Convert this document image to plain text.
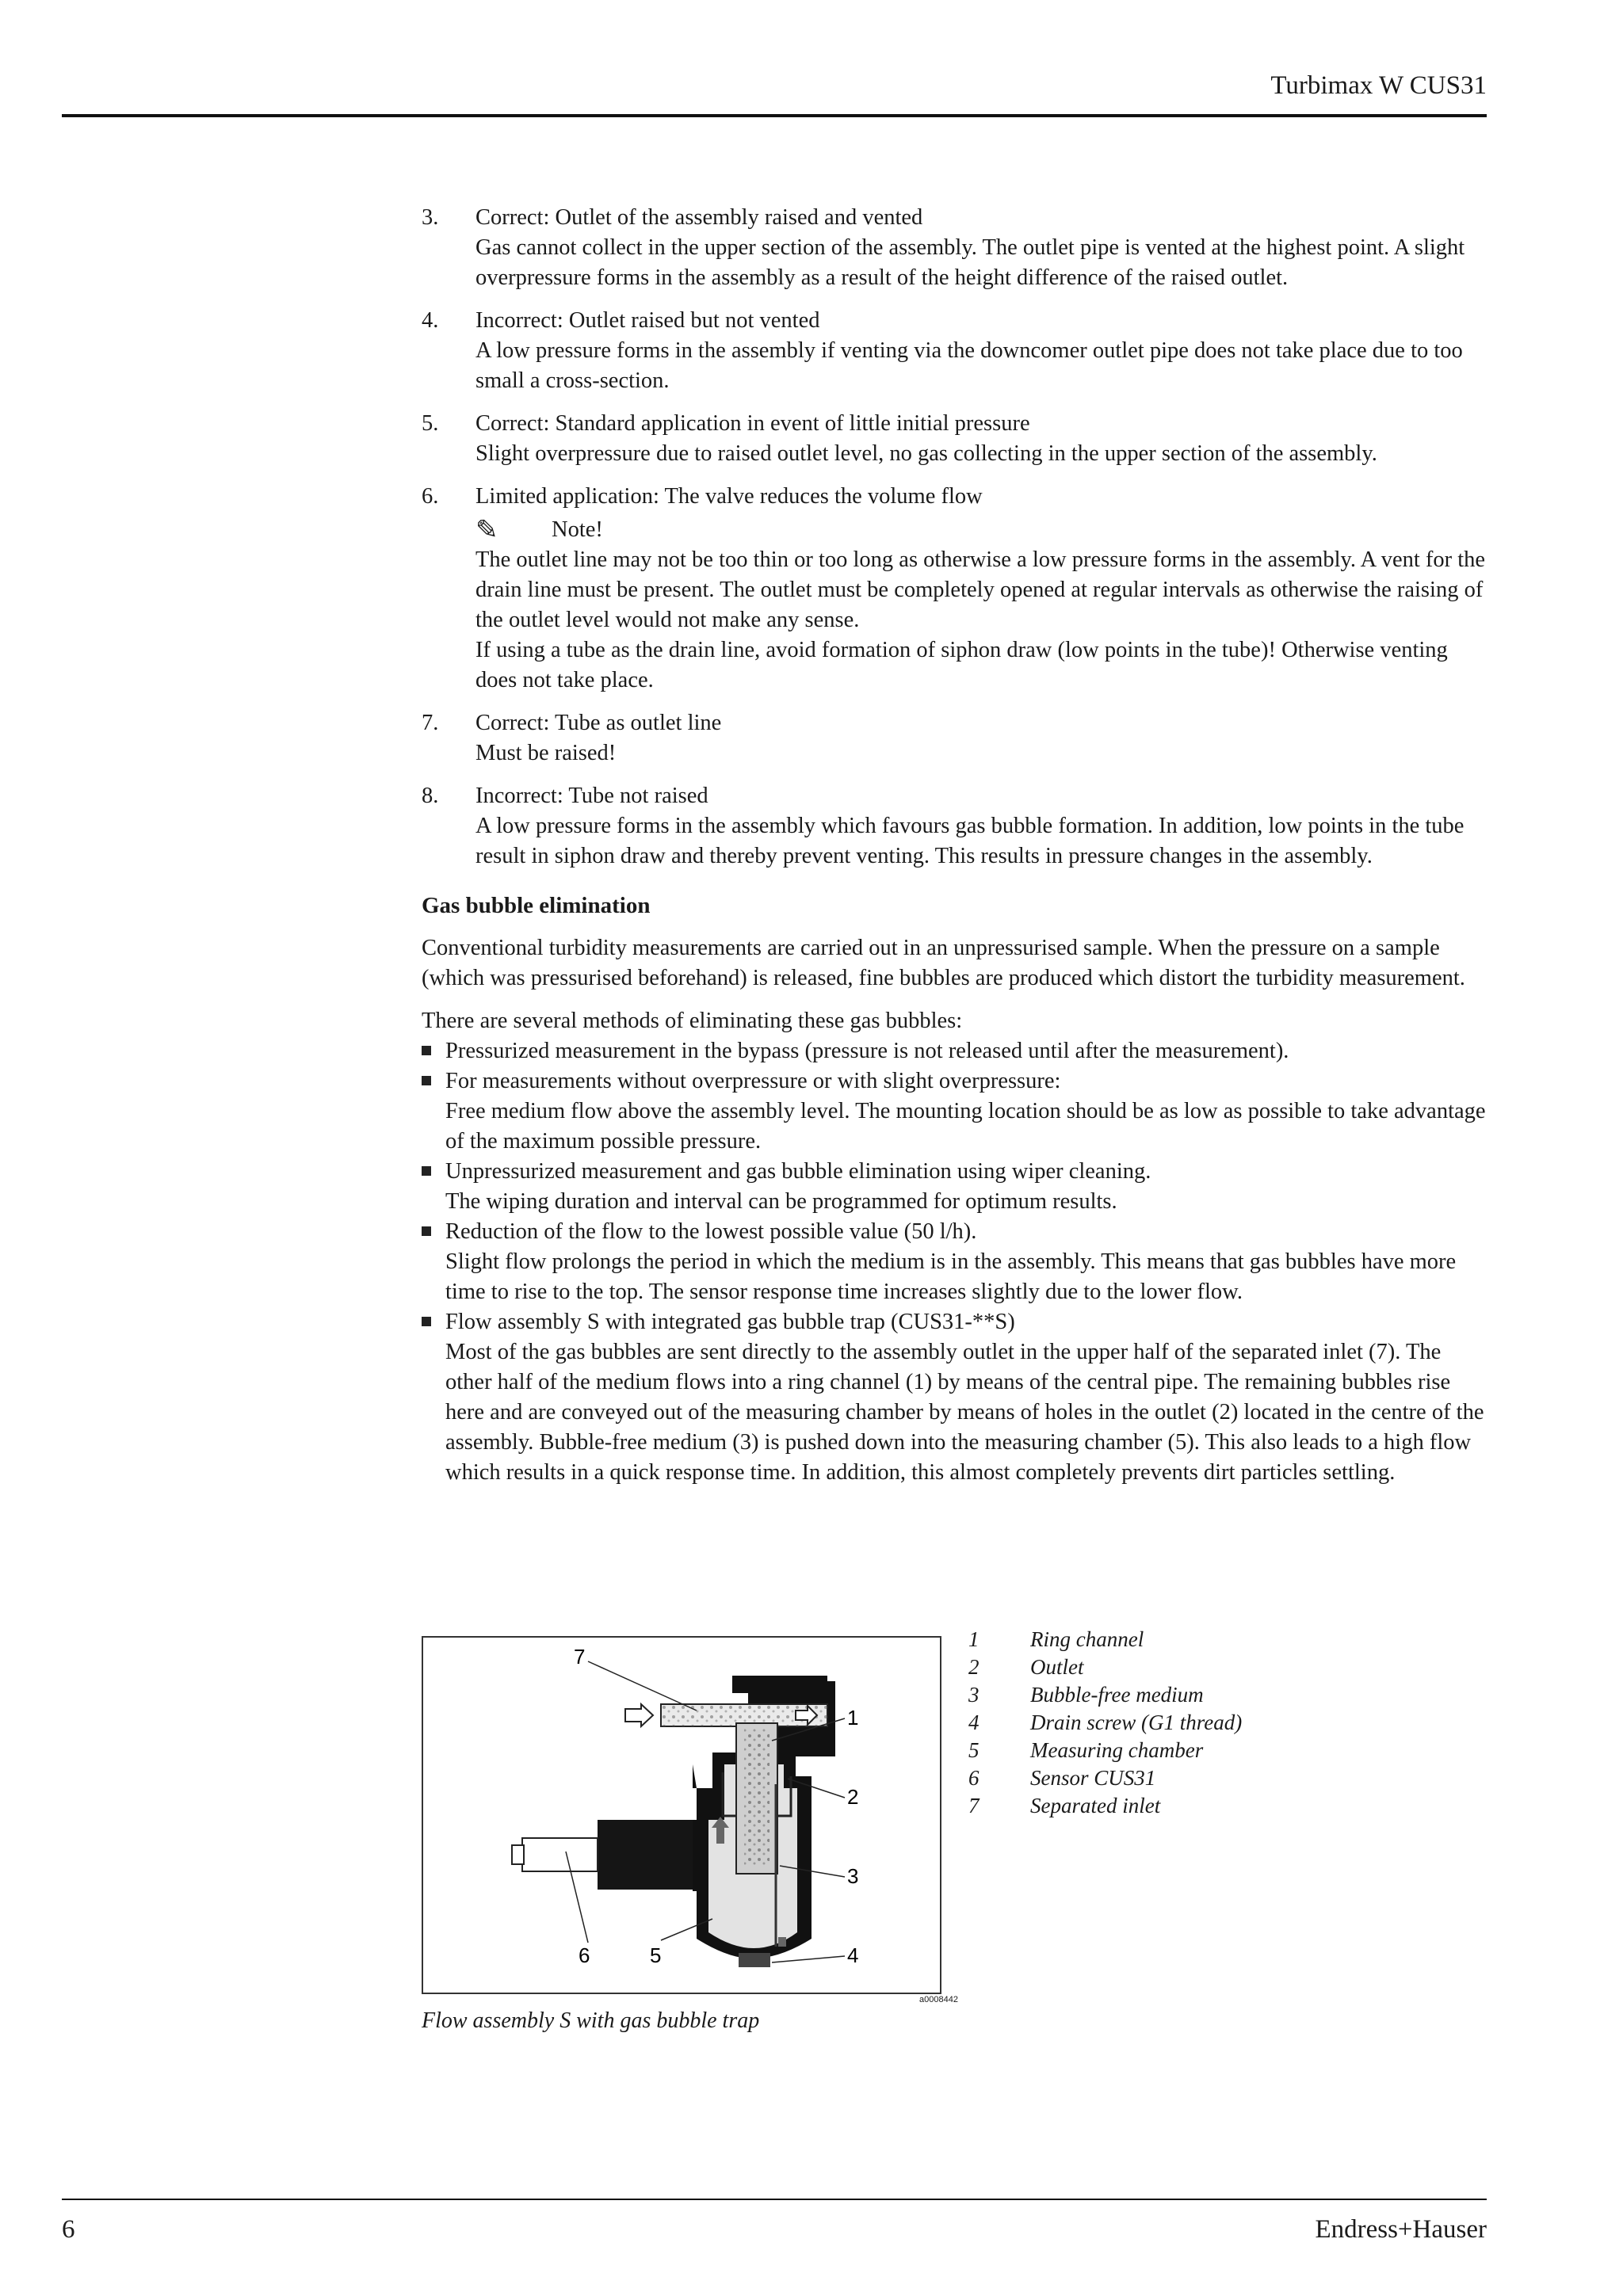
Turbimax W CUS31
3.	Correct: Outlet of the assembly raised and vented
Gas cannot collect in the upper section of the assembly. The outlet pipe is vented at the highest point. A slight overpressure forms in the assembly as a result of the height difference of the raised outlet.
4.	Incorrect: Outlet raised but not vented
A low pressure forms in the assembly if venting via the downcomer outlet pipe does not take place due to too small a cross-section.
5.	Correct: Standard application in event of little initial pressure
Slight overpressure due to raised outlet level, no gas collecting in the upper section of the assembly.
6.	Limited application: The valve reduces the volume flow
✎	Note!
The outlet line may not be too thin or too long as otherwise a low pressure forms in the assembly. A vent for the drain line must be present. The outlet must be completely opened at regular intervals as otherwise the raising of the outlet level would not make any sense.
If using a tube as the drain line, avoid formation of siphon draw (low points in the tube)! Otherwise venting does not take place.
7.	Correct: Tube as outlet line
Must be raised!
8.	Incorrect: Tube not raised
A low pressure forms in the assembly which favours gas bubble formation. In addition, low points in the tube result in siphon draw and thereby prevent venting. This results in pressure changes in the assembly.
Gas bubble elimination

Conventional turbidity measurements are carried out in an unpressurised sample. When the pressure on a sample (which was pressurised beforehand) is released, fine bubbles are produced which distort the turbidity measurement.

There are several methods of eliminating these gas bubbles:
Pressurized measurement in the bypass (pressure is not released until after the measurement).
For measurements without overpressure or with slight overpressure:
Free medium flow above the assembly level. The mounting location should be as low as possible to take advantage of the maximum possible pressure.
Unpressurized measurement and gas bubble elimination using wiper cleaning.
The wiping duration and interval can be programmed for optimum results.
Reduction of the flow to the lowest possible value (50 l/h).
Slight flow prolongs the period in which the medium is in the assembly. This means that gas bubbles have more time to rise to the top. The sensor response time increases slightly due to the lower flow.
Flow assembly S with integrated gas bubble trap (CUS31-**S)
Most of the gas bubbles are sent directly to the assembly outlet in the upper half of the separated inlet (7). The other half of the medium flows into a ring channel (1) by means of the central pipe. The remaining bubbles rise here and are conveyed out of the measuring chamber by means of holes in the outlet (2) located in the centre of the assembly. Bubble-free medium (3) is pushed down into the measuring chamber (5). This also leads to a high flow which results in a quick response time. In addition, this almost completely prevents dirt particles settling.
7
1
2
3
6	5	4
a0008442
Flow assembly S with gas bubble trap
1	Ring channel
2	Outlet
3	Bubble-free medium
4	Drain screw (G1 thread)
5	Measuring chamber
6	Sensor CUS31
7	Separated inlet
6	Endress+Hauser
